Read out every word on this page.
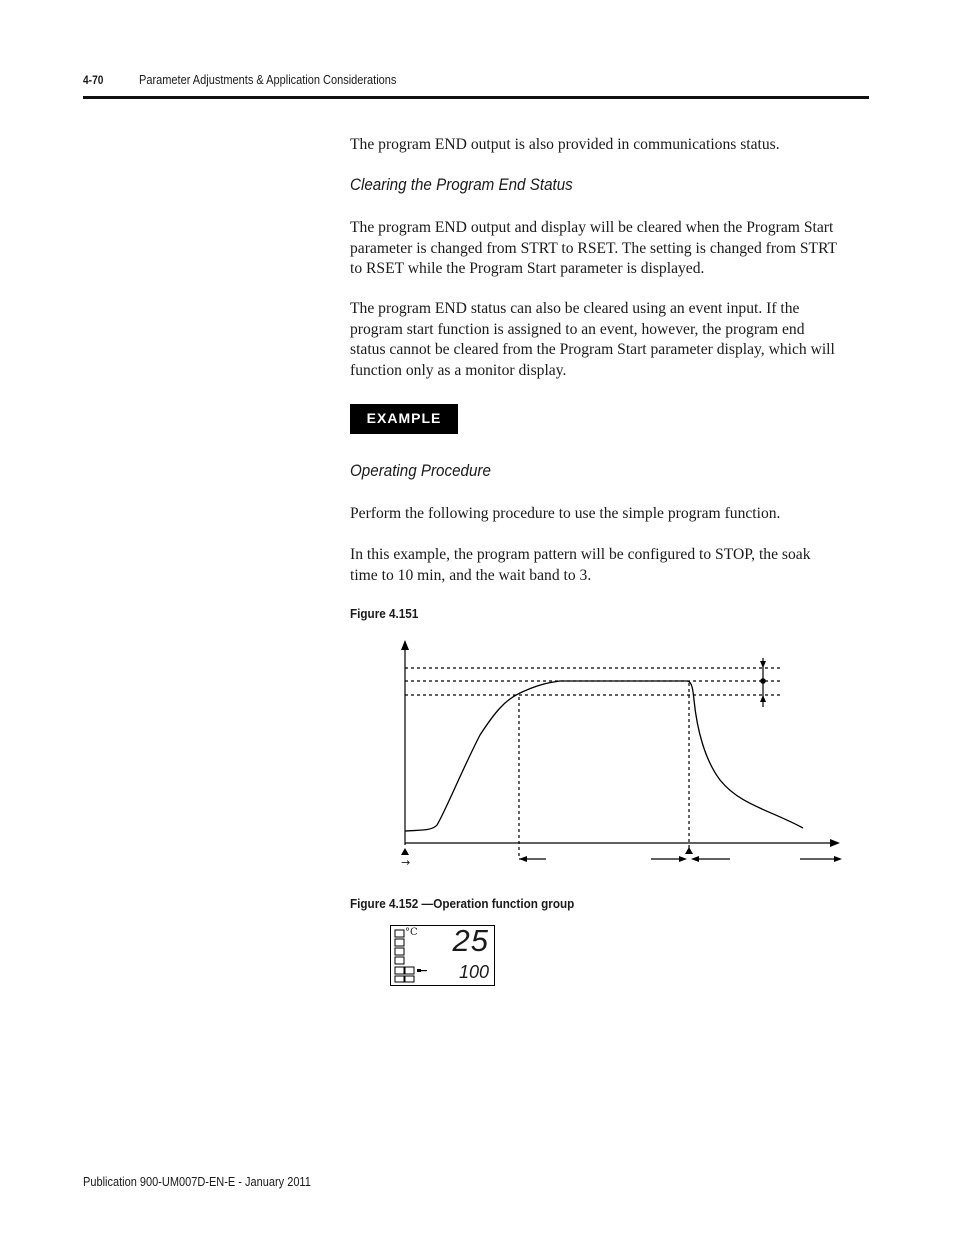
4-70	Parameter Adjustments & Application Considerations

The program END output is also provided in communications status.

Clearing the Program End Status
The program END output and display will be cleared when the Program Start
parameter is changed from STRT to RSET. The setting is changed from STRT
to RSET while the Program Start parameter is displayed.
The program END status can also be cleared using an event input. If the
program start function is assigned to an event, however, the program end
status cannot be cleared from the Program Start parameter display, which will
function only as a monitor display.
EXAMPLE
Operating Procedure

Perform the following procedure to use the simple program function.

In this example, the program pattern will be configured to STOP, the soak
time to 10 min, and the wait band to 3.
Figure 4.151
→
Figure 4.152 —Operation function group
°C 25
100
Publication 900-UM007D-EN-E - January 2011
